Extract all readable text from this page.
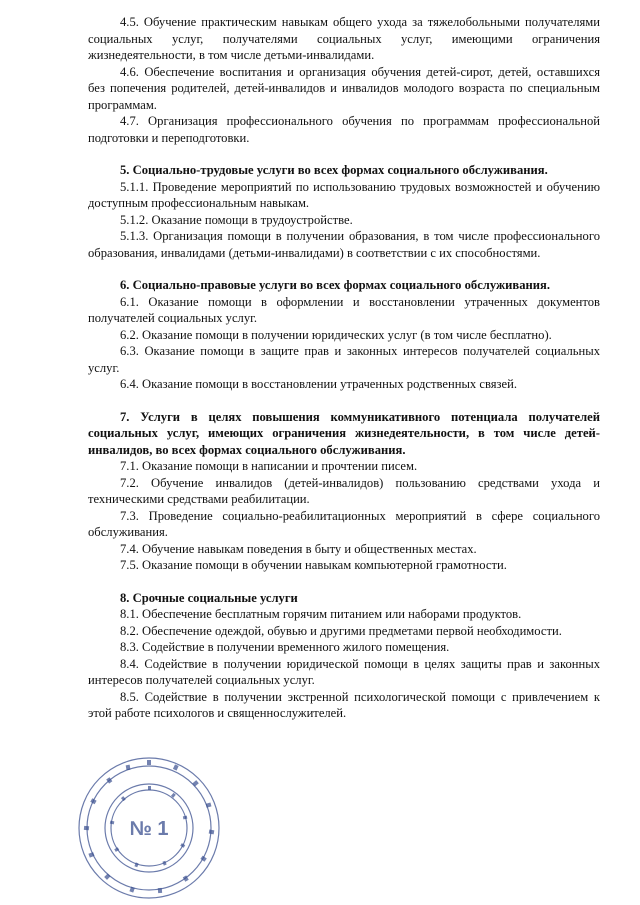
4.5. Обучение практическим навыкам общего ухода за тяжелобольными получателями социальных услуг, получателями социальных услуг, имеющими ограничения жизнедеятельности, в том числе детьми-инвалидами.

4.6. Обеспечение воспитания и организация обучения детей-сирот, детей, оставшихся без попечения родителей, детей-инвалидов и инвалидов молодого возраста по специальным программам.

4.7. Организация профессионального обучения по программам профессиональной подготовки и переподготовки.

5. Социально-трудовые услуги во всех формах социального обслуживания.

5.1.1. Проведение мероприятий по использованию трудовых возможностей и обучению доступным профессиональным навыкам.

5.1.2. Оказание помощи в трудоустройстве.

5.1.3. Организация помощи в получении образования, в том числе профессионального образования, инвалидами (детьми-инвалидами) в соответствии с их способностями.

6. Социально-правовые услуги во всех формах социального обслуживания.

6.1. Оказание помощи в оформлении и восстановлении утраченных документов получателей социальных услуг.

6.2. Оказание помощи в получении юридических услуг (в том числе бесплатно).

6.3. Оказание помощи в защите прав и законных интересов получателей социальных услуг.

6.4. Оказание помощи в восстановлении утраченных родственных связей.

7. Услуги в целях повышения коммуникативного потенциала получателей социальных услуг, имеющих ограничения жизнедеятельности, в том числе детей-инвалидов, во всех формах социального обслуживания.

7.1. Оказание помощи в написании и прочтении писем.

7.2. Обучение инвалидов (детей-инвалидов) пользованию средствами ухода и техническими средствами реабилитации.

7.3. Проведение социально-реабилитационных мероприятий в сфере социального обслуживания.

7.4. Обучение навыкам поведения в быту и общественных местах.

7.5. Оказание помощи в обучении навыкам компьютерной грамотности.

8. Срочные социальные услуги

8.1. Обеспечение бесплатным горячим питанием или наборами продуктов.

8.2. Обеспечение одеждой, обувью и другими предметами первой необходимости.

8.3. Содействие в получении временного жилого помещения.

8.4. Содействие в получении юридической помощи в целях защиты прав и законных интересов получателей социальных услуг.

8.5. Содействие в получении экстренной психологической помощи с привлечением к этой работе психологов и священнослужителей.

№ 1
